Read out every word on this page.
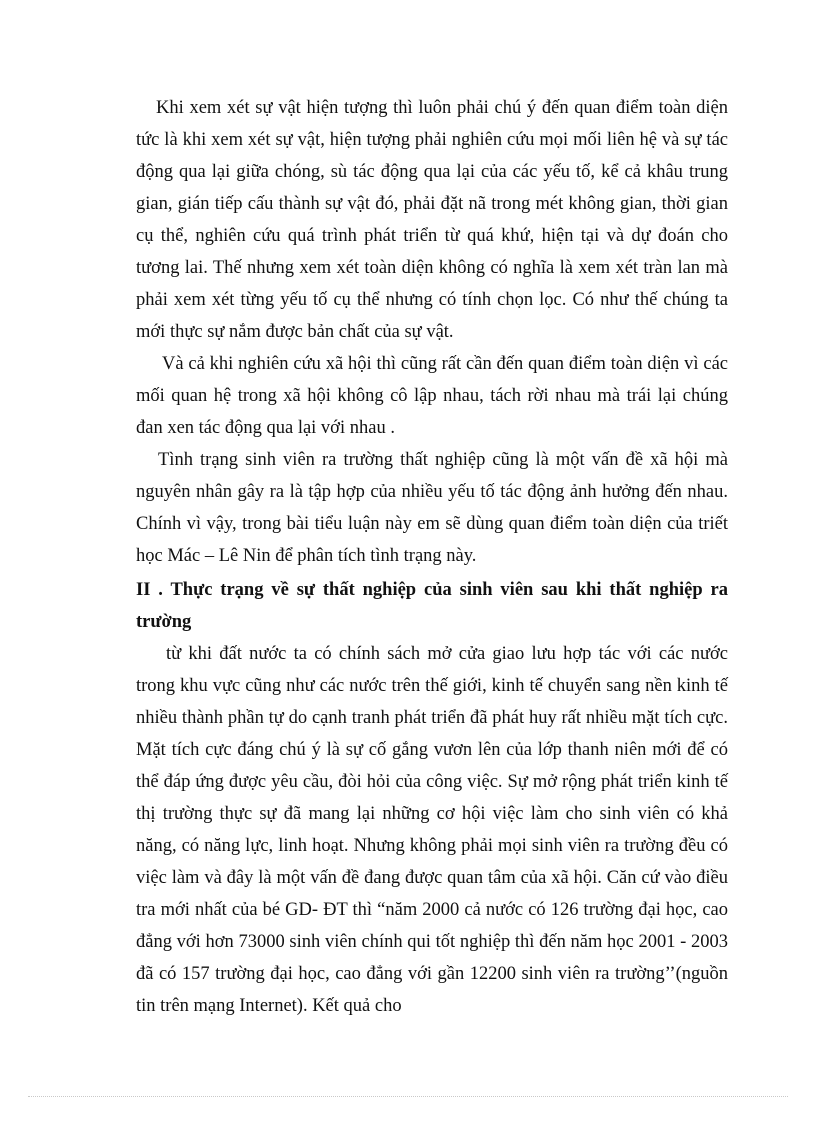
Khi xem xét sự vật hiện tượng thì luôn phải chú ý đến quan điểm toàn diện tức là khi xem xét sự vật, hiện tượng phải nghiên cứu mọi mối liên hệ và sự tác động qua lại giữa chóng, sù tác động qua lại của các yếu tố, kể cả khâu trung gian, gián tiếp cấu thành sự vật đó, phải đặt nã trong mét không gian, thời gian cụ thể, nghiên cứu quá trình phát triển từ quá khứ, hiện tại và dự đoán cho tương lai. Thế nhưng xem xét toàn diện không có nghĩa là xem xét tràn lan mà phải xem xét từng yếu tố cụ thể nhưng có tính chọn lọc. Có như thế chúng ta mới thực sự nắm được bản chất của sự vật.

Và cả khi nghiên cứu xã hội thì cũng rất cần đến quan điểm toàn diện vì các mối quan hệ trong xã hội không cô lập nhau, tách rời nhau mà trái lại chúng đan xen tác động qua lại với nhau .

Tình trạng sinh viên ra trường thất nghiệp cũng là một vấn đề xã hội mà nguyên nhân gây ra là tập hợp của nhiều yếu tố tác động ảnh hưởng đến nhau. Chính vì vậy, trong bài tiểu luận này em sẽ dùng quan điểm toàn diện của triết học Mác – Lê Nin để phân tích tình trạng này.

II . Thực trạng về sự thất nghiệp của sinh viên sau khi thất nghiệp ra trường

từ khi đất nước ta có chính sách mở cửa giao lưu hợp tác với các nước trong khu vực cũng như các nước trên thế giới, kinh tế chuyển sang nền kinh tế nhiều thành phần tự do cạnh tranh phát triển đã phát huy rất nhiều mặt tích cực. Mặt tích cực đáng chú ý là sự cố gắng vươn lên của lớp thanh niên mới để có thể đáp ứng được yêu cầu, đòi hỏi của công việc. Sự mở rộng phát triển kinh tế thị trường thực sự đã mang lại những cơ hội việc làm cho sinh viên có khả năng, có năng lực, linh hoạt. Nhưng không phải mọi sinh viên ra trường đều có việc làm và đây là một vấn đề đang được quan tâm của xã hội. Căn cứ vào điều tra mới nhất của bé GD- ĐT thì “năm 2000 cả nước có 126 trường đại học, cao đẳng với hơn 73000 sinh viên chính qui tốt nghiệp thì đến năm học 2001 - 2003 đã có 157 trường đại học, cao đẳng với gần 12200 sinh viên ra trường’’(nguồn tin trên mạng Internet). Kết quả cho
